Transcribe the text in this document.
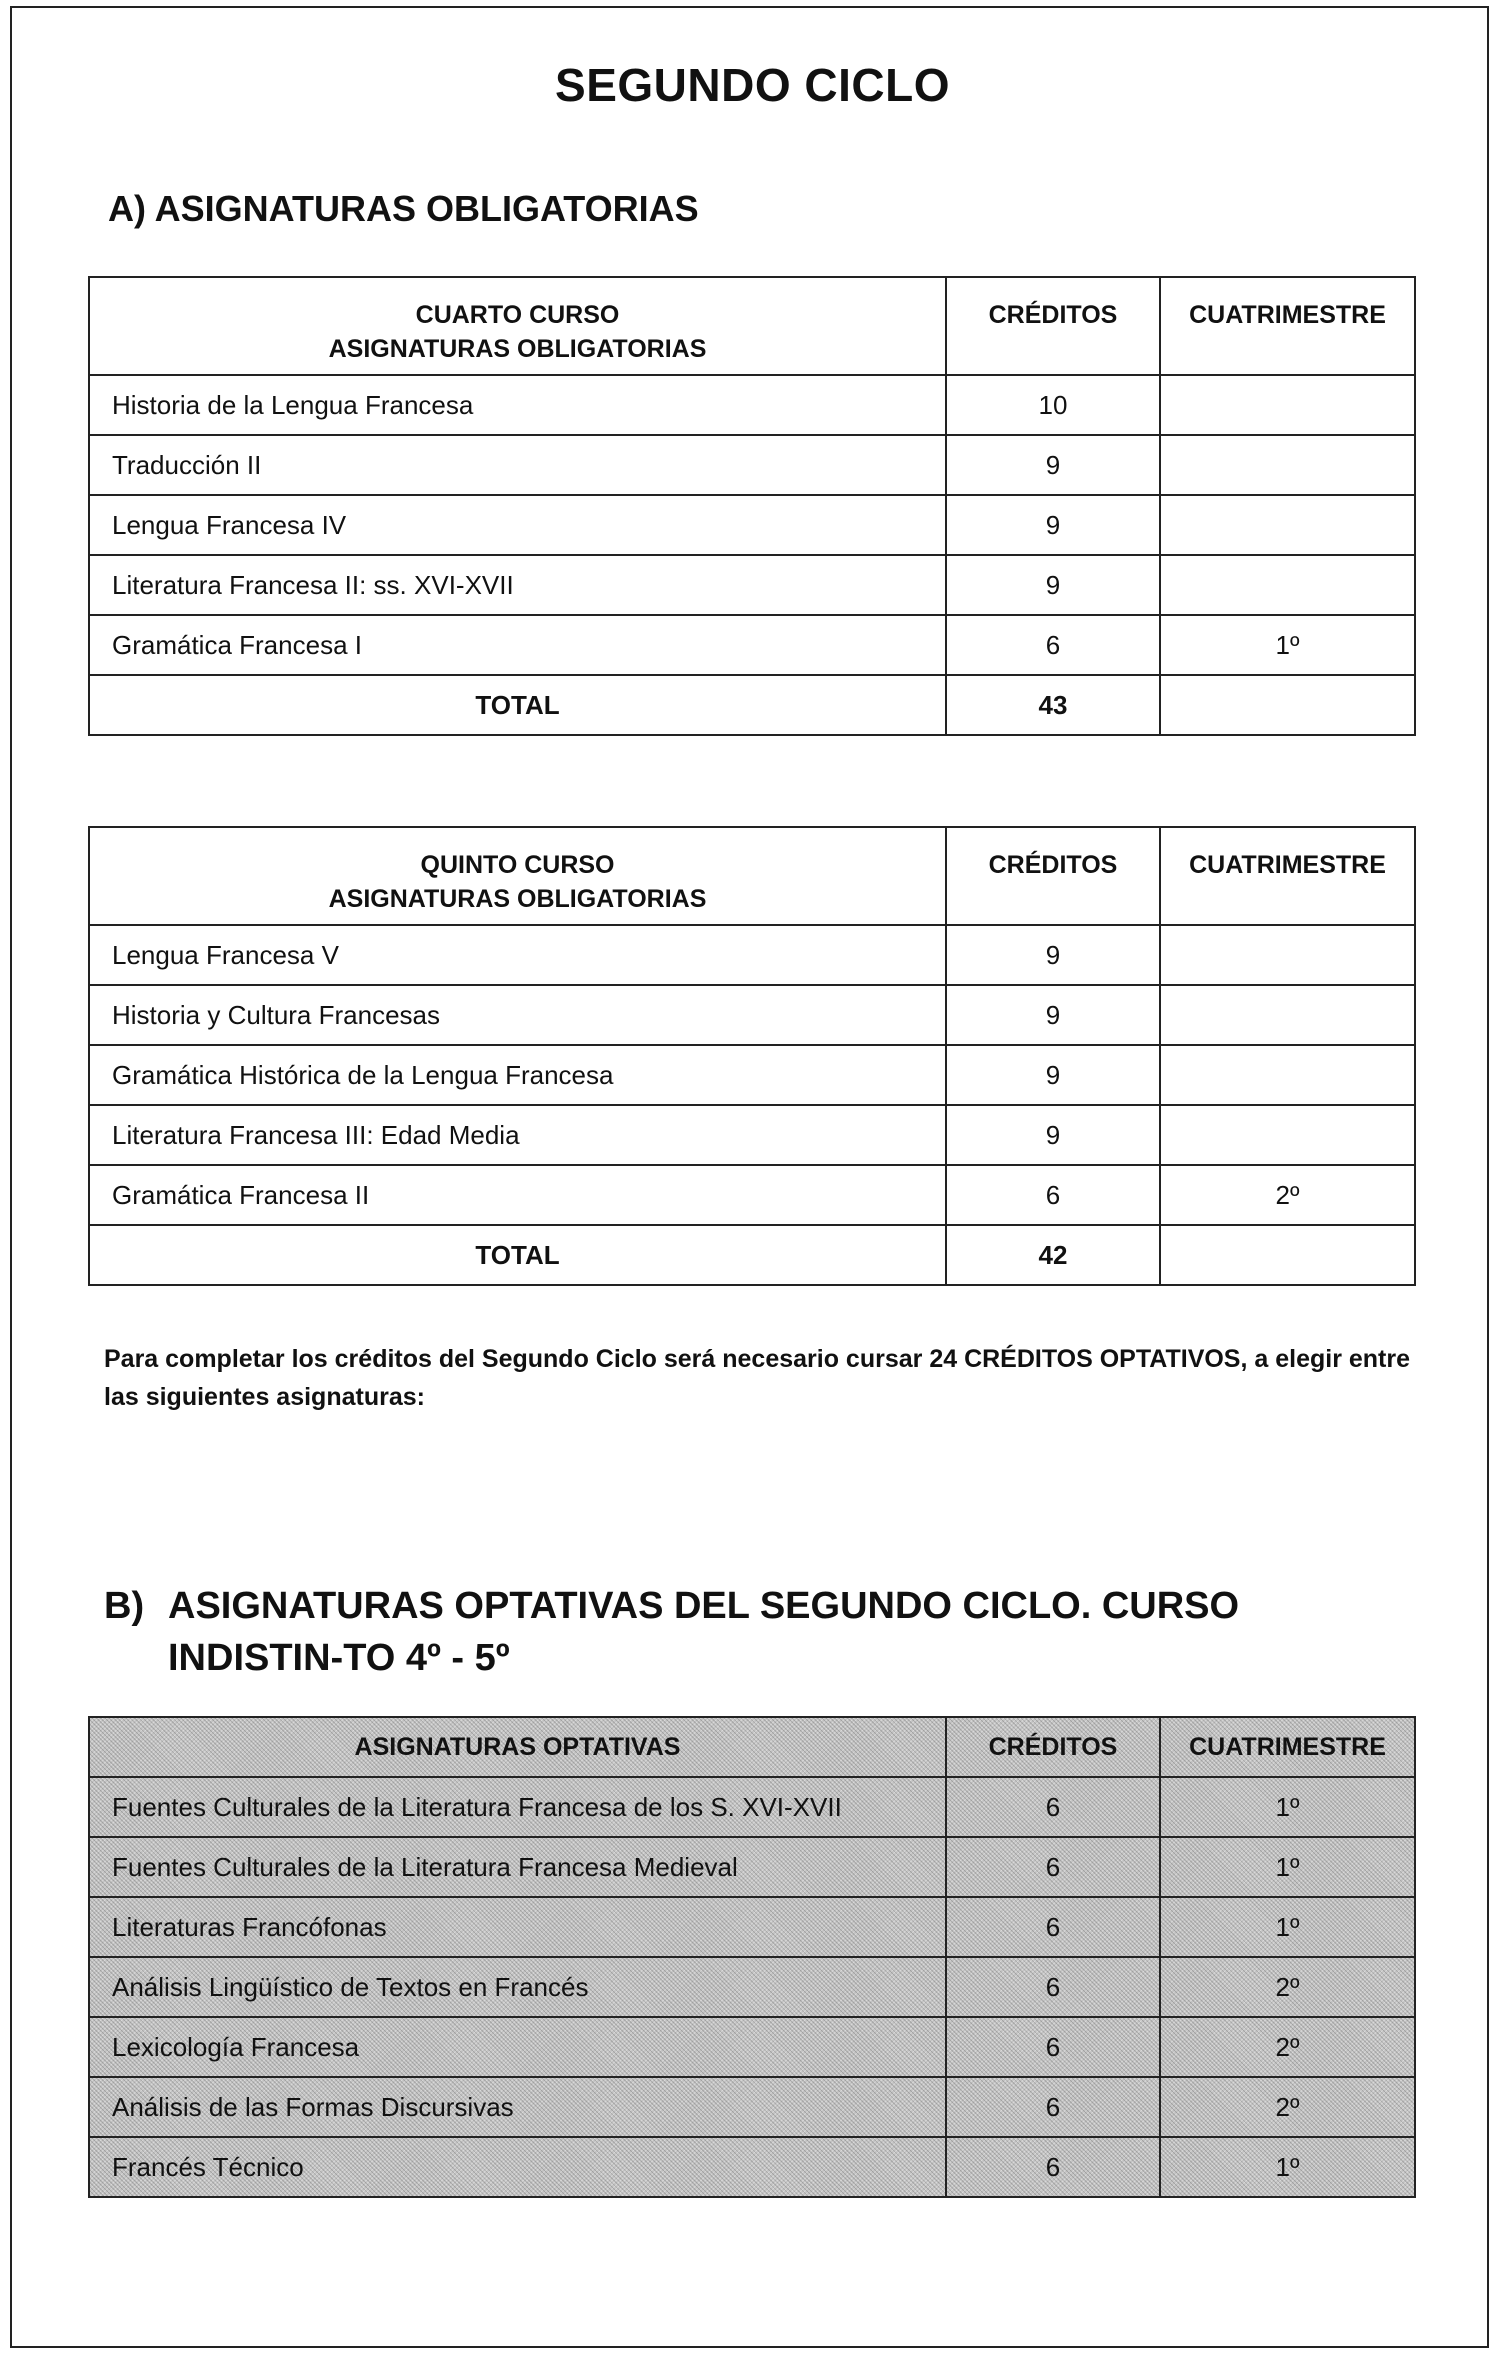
SEGUNDO CICLO
A) ASIGNATURAS OBLIGATORIAS
CUARTO CURSO
ASIGNATURAS OBLIGATORIAS	CRÉDITOS	CUATRIMESTRE
Historia de la Lengua Francesa	10	
Traducción II	9	
Lengua Francesa IV	9	
Literatura Francesa II: ss. XVI-XVII	9	
Gramática Francesa I	6	1º
TOTAL	43	
QUINTO CURSO
ASIGNATURAS OBLIGATORIAS	CRÉDITOS	CUATRIMESTRE
Lengua Francesa V	9	
Historia y Cultura Francesas	9	
Gramática Histórica de la Lengua Francesa	9	
Literatura Francesa III: Edad Media	9	
Gramática Francesa II	6	2º
TOTAL	42	
Para completar los créditos del Segundo Ciclo será necesario cursar 24 CRÉDITOS OPTATIVOS, a elegir entre las siguientes asignaturas:
B) ASIGNATURAS OPTATIVAS DEL SEGUNDO CICLO. CURSO INDISTIN-TO 4º - 5º
ASIGNATURAS OPTATIVAS	CRÉDITOS	CUATRIMESTRE
Fuentes Culturales de la Literatura Francesa de los S. XVI-XVII	6	1º
Fuentes Culturales de la Literatura Francesa Medieval	6	1º
Literaturas Francófonas	6	1º
Análisis Lingüístico de Textos en Francés	6	2º
Lexicología Francesa	6	2º
Análisis de las Formas Discursivas	6	2º
Francés Técnico	6	1º
